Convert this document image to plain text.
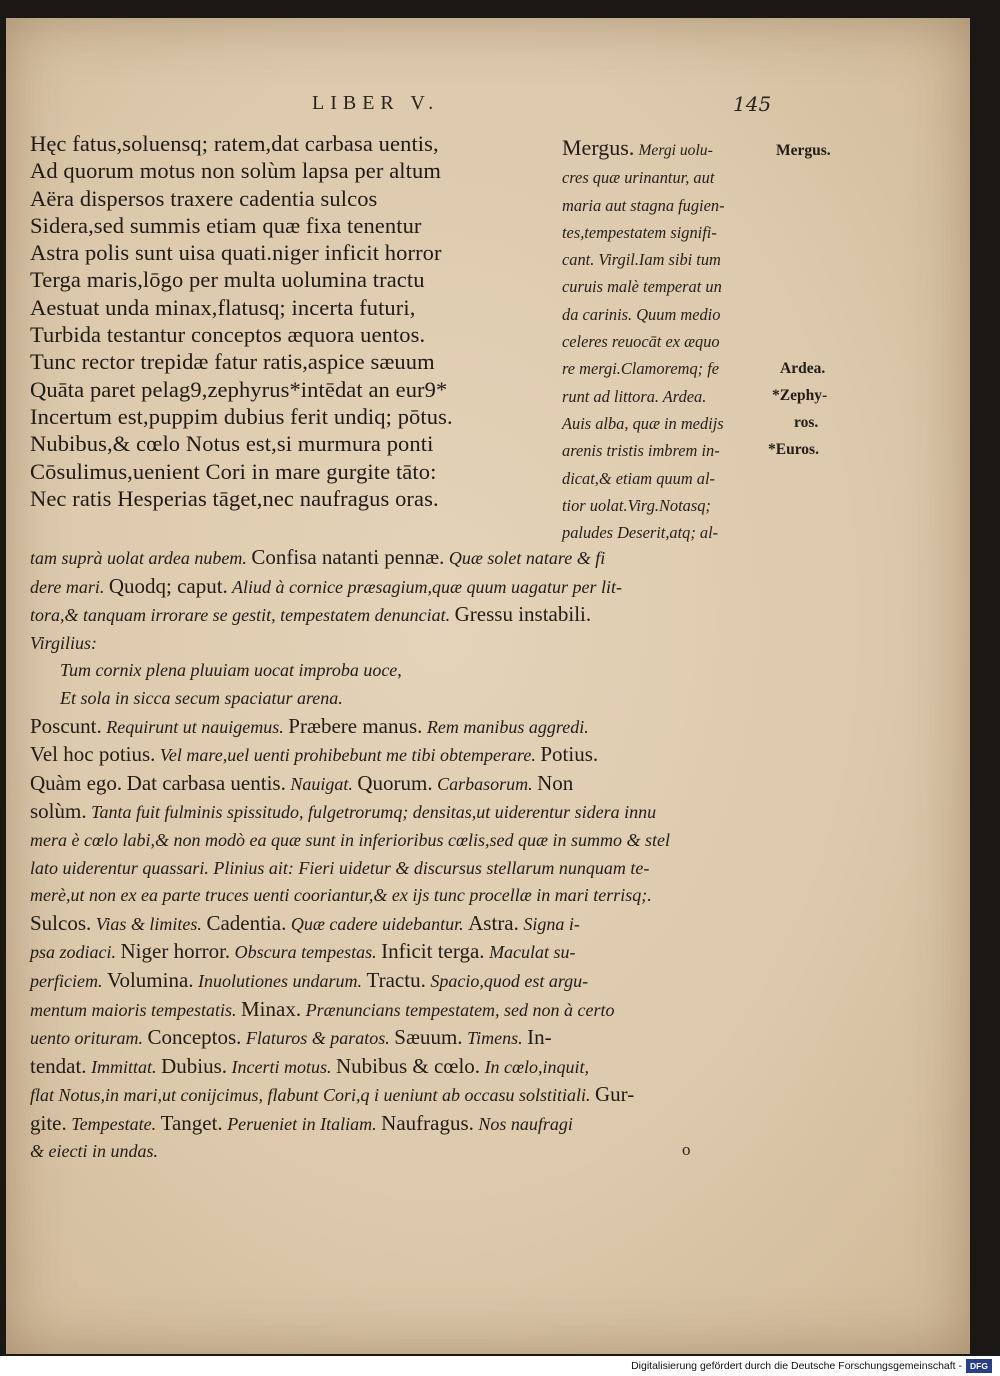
LIBER V.	145
Hęc fatus,soluensq; ratem,dat carbasa uentis,
Ad quorum motus non solùm lapsa per altum
Aëra dispersos traxere cadentia sulcos
Sidera,sed summis etiam quæ fixa tenentur
Astra polis sunt uisa quati.niger inficit horror
Terga maris,lōgo per multa uolumina tractu
Aestuat unda minax,flatusq; incerta futuri,
Turbida testantur conceptos æquora uentos.
Tunc rector trepidæ fatur ratis,aspice sæuum
Quāta paret pelag9,zephyrus*intēdat an eur9*
Incertum est,puppim dubius ferit undiq; pōtus.
Nubibus,& cœlo Notus est,si murmura ponti
Cōsulimus,uenient Cori in mare gurgite tāto:
Nec ratis Hesperias tāget,nec naufragus oras.
Mergus. Mergi uolu-
cres quæ urinantur, aut
maria aut stagna fugien-
tes,tempestatem signifi-
cant. Virgil.Iam sibi tum
curuis malè temperat un
da carinis. Quum medio
celeres reuocāt ex æquo
re mergi.Clamoremq; fe
runt ad littora. Ardea.
Auis alba, quæ in medijs
arenis tristis imbrem in-
dicat,& etiam quum al-
tior uolat.Virg.Notasq;
paludes Deserit,atq; al-
Mergus.
Ardea.
*Zephy-
ros.
*Euros.
tam suprà uolat ardea nubem. Confisa natanti pennæ. Quæ solet natare & fi
dere mari. Quodq; caput. Aliud à cornice præsagium,quæ quum uagatur per lit-
tora,& tanquam irrorare se gestit, tempestatem denunciat. Gressu instabili.
Virgilius:
Tum cornix plena pluuiam uocat improba uoce,
Et sola in sicca secum spaciatur arena.
Poscunt. Requirunt ut nauigemus. Præbere manus. Rem manibus aggredi.
Vel hoc potius. Vel mare,uel uenti prohibebunt me tibi obtemperare. Potius.
Quàm ego. Dat carbasa uentis. Nauigat. Quorum. Carbasorum. Non
solùm. Tanta fuit fulminis spissitudo, fulgetrorumq; densitas,ut uiderentur sidera innu
mera è cœlo labi,& non modò ea quæ sunt in inferioribus cœlis,sed quæ in summo & stel
lato uiderentur quassari. Plinius ait: Fieri uidetur & discursus stellarum nunquam te-
merè,ut non ex ea parte truces uenti cooriantur,& ex ijs tunc procellæ in mari terrisq;.
Sulcos. Vias & limites. Cadentia. Quæ cadere uidebantur. Astra. Signa i-
psa zodiaci. Niger horror. Obscura tempestas. Inficit terga. Maculat su-
perficiem. Volumina. Inuolutiones undarum. Tractu. Spacio,quod est argu-
mentum maioris tempestatis. Minax. Prænuncians tempestatem, sed non à certo
uento orituram. Conceptos. Flaturos & paratos. Sæuum. Timens. In-
tendat. Immittat. Dubius. Incerti motus. Nubibus & cœlo. In cœlo,inquit,
flat Notus,in mari,ut conijcimus, flabunt Cori,q i ueniunt ab occasu solstitiali. Gur-
gite. Tempestate. Tanget. Perueniet in Italiam. Naufragus. Nos naufragi
& eiecti in undas.	o
Digitalisierung gefördert durch die Deutsche Forschungsgemeinschaft - DFG
